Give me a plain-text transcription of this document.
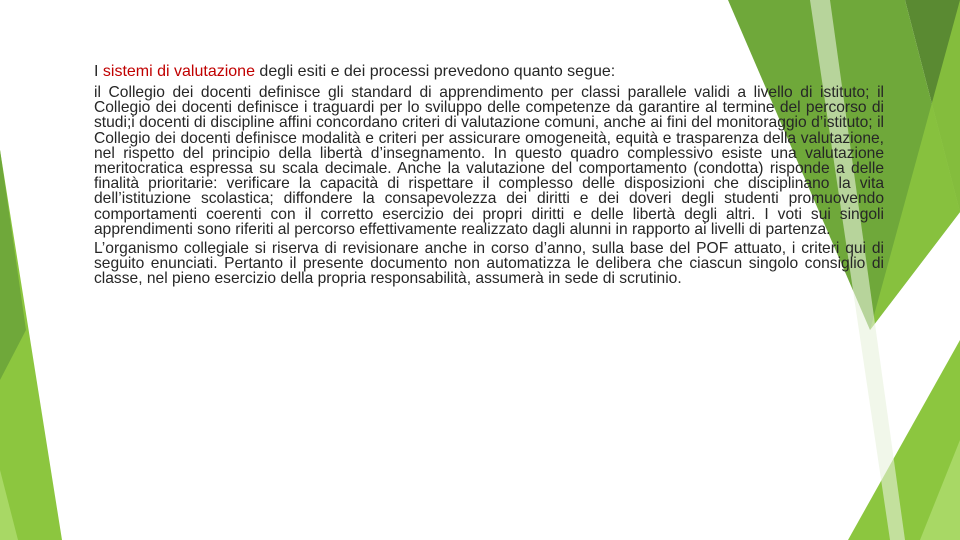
I sistemi di valutazione degli esiti e dei processi prevedono quanto segue:

il Collegio dei docenti definisce gli standard di apprendimento per classi parallele validi a livello di istituto; il Collegio dei docenti definisce i traguardi per lo sviluppo delle competenze da garantire al termine del percorso di studi;i docenti di discipline affini concordano criteri di valutazione comuni, anche ai fini del monitoraggio d’istituto; il Collegio dei docenti definisce modalità e criteri per assicurare omogeneità, equità e trasparenza della valutazione, nel rispetto del principio della libertà d’insegnamento. In questo quadro complessivo esiste una valutazione meritocratica espressa su scala decimale. Anche la valutazione del comportamento (condotta) risponde a delle finalità prioritarie: verificare la capacità di rispettare il complesso delle disposizioni che disciplinano la vita dell’istituzione scolastica; diffondere la consapevolezza dei diritti e dei doveri degli studenti promuovendo comportamenti coerenti con il corretto esercizio dei propri diritti e delle libertà degli altri. I voti sui singoli apprendimenti sono riferiti al percorso effettivamente realizzato dagli alunni in rapporto ai livelli di partenza.

L’organismo collegiale si riserva di revisionare anche in corso d’anno, sulla base del POF attuato, i criteri qui di seguito enunciati. Pertanto il presente documento non automatizza le delibera che ciascun singolo consiglio di classe, nel pieno esercizio della propria responsabilità, assumerà in sede di scrutinio.
